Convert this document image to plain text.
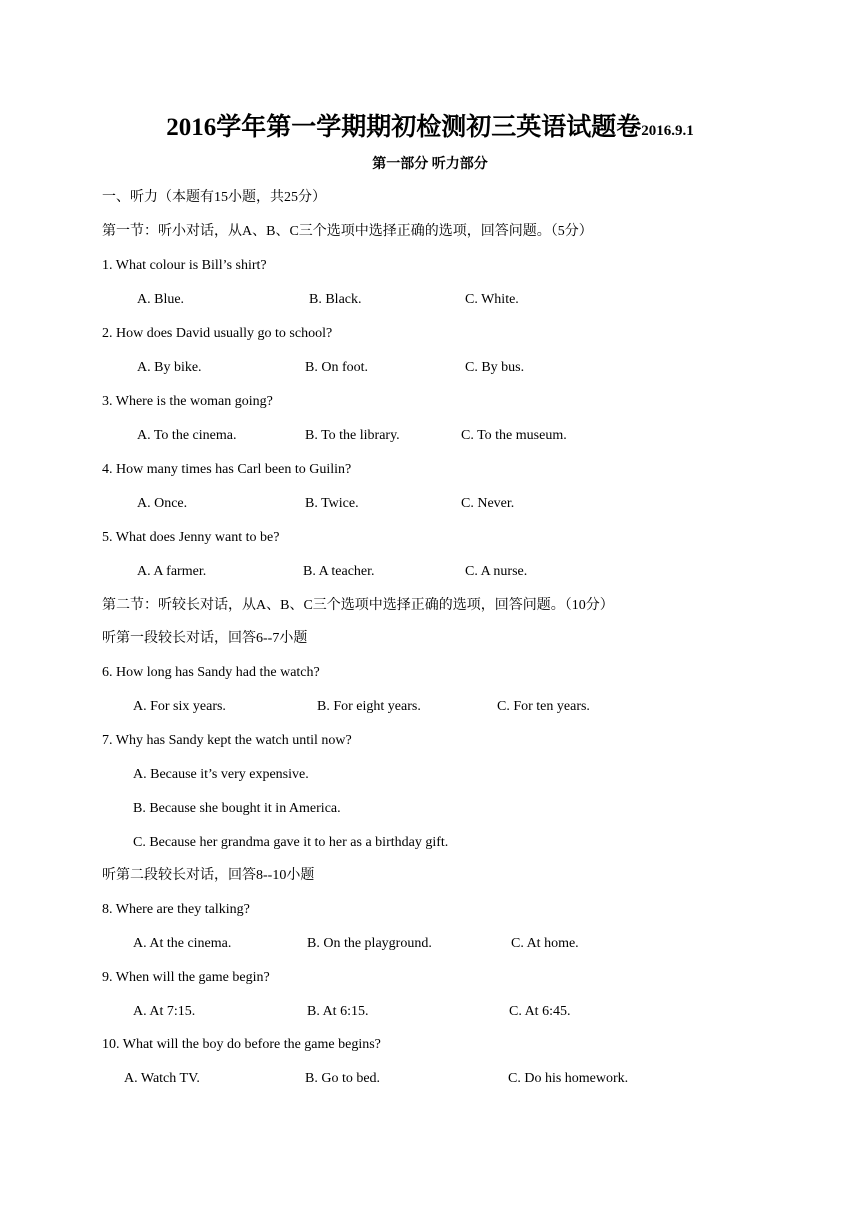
2016学年第一学期期初检测初三英语试题卷2016.9.1
第一部分 听力部分
一、听力（本题有15小题，共25分）
第一节：听小对话，从A、B、C三个选项中选择正确的选项，回答问题。（5分）
1. What colour is Bill’s shirt?
A. Blue.	B. Black.	C. White.
2. How does David usually go to school?
A. By bike.	B. On foot.	C. By bus.
3. Where is the woman going?
A. To the cinema.	B. To the library.	C. To the museum.
4. How many times has Carl been to Guilin?
A. Once.	B. Twice.	C. Never.
5. What does Jenny want to be?
A. A farmer.	B. A teacher.	C. A nurse.
第二节：听较长对话，从A、B、C三个选项中选择正确的选项，回答问题。（10分）
听第一段较长对话，回答6--7小题
6. How long has Sandy had the watch?
A. For six years.	B. For eight years.	C. For ten years.
7. Why has Sandy kept the watch until now?
A. Because it’s very expensive.
B. Because she bought it in America.
C. Because her grandma gave it to her as a birthday gift.
听第二段较长对话，回答8--10小题
8. Where are they talking?
A. At the cinema.	B. On the playground.	C. At home.
9. When will the game begin?
A. At 7:15.	B. At 6:15.	C. At 6:45.
10. What will the boy do before the game begins?
A. Watch TV.	B. Go to bed.	C. Do his homework.
